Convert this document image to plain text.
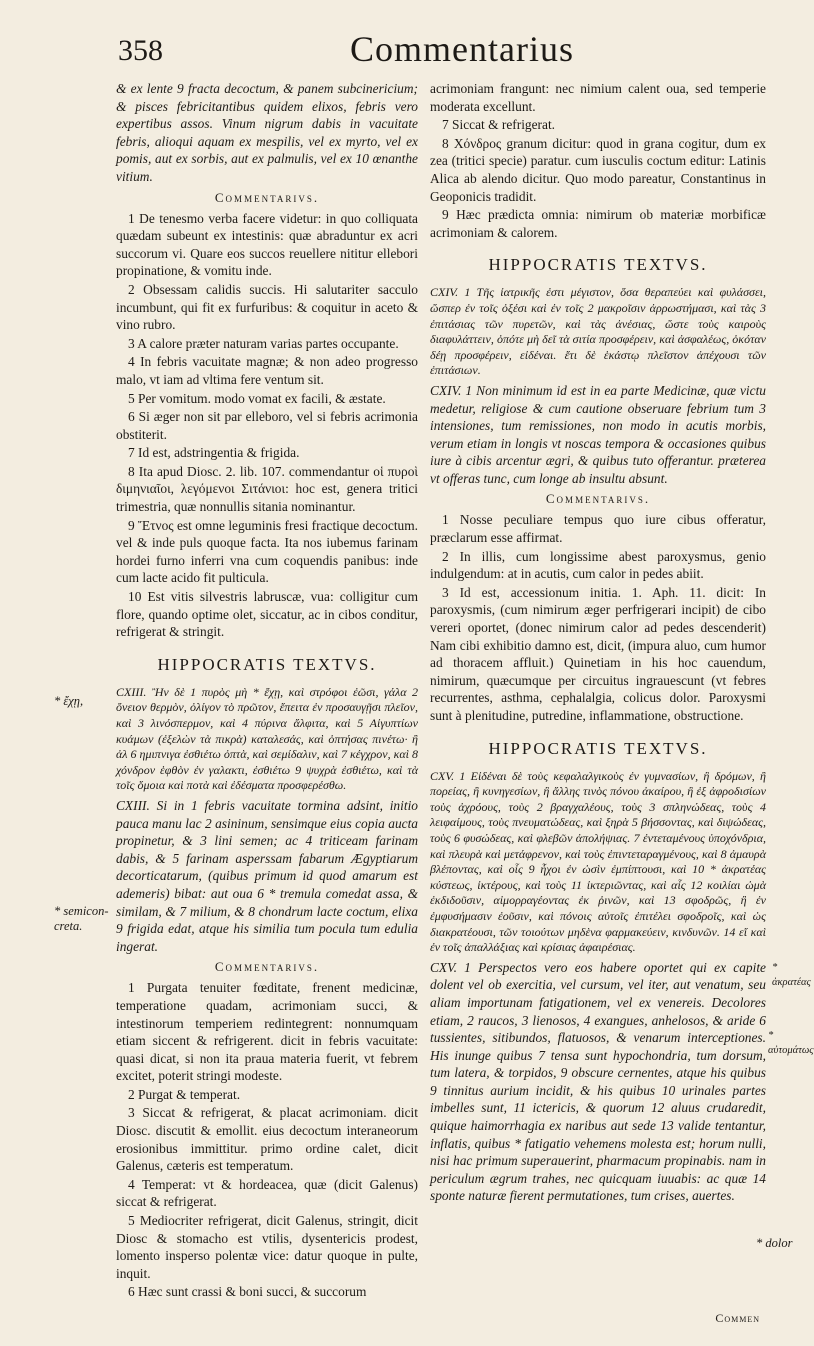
358	Commentarius

& ex lente 9 fracta decoctum, & panem subcinericium; & pisces febricitantibus quidem elixos, febris vero expertibus assos. Vinum nigrum dabis in vacuitate febris, alioqui aquam ex mespilis, vel ex myrto, vel ex pomis, aut ex sorbis, aut ex palmulis, vel ex 10 œnanthe vitium.

Commentarivs.

1 De tenesmo verba facere videtur: in quo colliquata quædam subeunt ex intestinis: quæ abraduntur ex acri succorum vi. Quare eos succos reuellere nititur ellebori propinatione, & vomitu inde.

2 Obsessam calidis succis. Hi salutariter sacculo incumbunt, qui fit ex furfuribus: & coquitur in aceto & vino rubro.

3 A calore præter naturam varias partes occupante.

4 In febris vacuitate magnæ; & non adeo progresso malo, vt iam ad vltima fere ventum sit.

5 Per vomitum. modo vomat ex facili, & æstate.

6 Si æger non sit par elleboro, vel si febris acrimonia obstiterit.

7 Id est, adstringentia & frigida.

8 Ita apud Diosc. 2. lib. 107. commendantur οἱ πυροὶ διμηνιαῖοι, λεγόμενοι Σιτάνιοι: hoc est, genera tritici trimestria, quæ nonnullis sitania nominantur.

9 Ἔτνος est omne leguminis fresi fractique decoctum. vel & inde puls quoque facta. Ita nos iubemus farinam hordei furno inferri vna cum coquendis panibus: inde cum lacte acido fit pulticula.

10 Est vitis silvestris labruscæ, vua: colligitur cum flore, quando optime olet, siccatur, ac in cibos conditur, refrigerat & stringit.

HIPPOCRATIS TEXTVS.

CXIII. Ἢν δὲ 1 πυρὸς μὴ * ἔχῃ, καὶ στρόφοι ἐῶσι, γάλα 2 ὄνειον θερμὸν, ὀλίγον τὸ πρῶτον, ἔπειτα ἐν προσαυγῇσι πλεῖον, καὶ 3 λινόσπερμον, καὶ 4 πύρινα ἄλφιτα, καὶ 5 Αἰγυπτίων κυάμων (ἐξελὼν τὰ πικρὰ) καταλεσάς, καὶ ὁπτήσας πινέτω· ἢ ἀλ 6 ημιπνιγα ἐσθιέτω ὀπτὰ, καὶ σεμίδαλιν, καὶ 7 κέγχρον, καὶ 8 χόνδρον ἑφθὸν ἐν γαλακτι, ἐσθιέτω 9 ψυχρὰ ἐσθιέτω, καὶ τὰ τοῖς ὅμοια καὶ ποτὰ καὶ ἐδέσματα προσφερέσθω.

CXIII. Si in 1 febris vacuitate tormina adsint, initio pauca manu lac 2 asininum, sensimque eius copia aucta propinetur, & 3 lini semen; ac 4 triticeam farinam dabis, & 5 farinam asperssam fabarum Ægyptiarum decorticatarum, (quibus primum id quod amarum est ademeris) bibat: aut oua 6 * tremula comedat assa, & similam, & 7 milium, & 8 chondrum lacte coctum, elixa 9 frigida edat, atque his similia tum pocula tum edulia ingerat.

Commentarivs.

1 Purgata tenuiter fœditate, frenent medicinæ, temperatione quadam, acrimoniam succi, & intestinorum temperiem redintegrent: nonnumquam etiam siccent & refrigerent. dicit in febris vacuitate: quasi dicat, si non ita praua materia fuerit, vt febrem excitet, poterit stringi modeste.

2 Purgat & temperat.

3 Siccat & refrigerat, & placat acrimoniam. dicit Diosc. discutit & emollit. eius decoctum interaneorum erosionibus immittitur. primo ordine calet, dicit Galenus, cæteris est temperatum.

4 Temperat: vt & hordeacea, quæ (dicit Galenus) siccat & refrigerat.

5 Mediocriter refrigerat, dicit Galenus, stringit, dicit Diosc & stomacho est vtilis, dysentericis prodest, lomento insperso polentæ vice: datur quoque in pulte, inquit.

6 Hæc sunt crassi & boni succi, & succorum

* ἔχῃ,
* semicon-
creta.

acrimoniam frangunt: nec nimium calent oua, sed temperie moderata excellunt.

7 Siccat & refrigerat.

8 Χόνδρος granum dicitur: quod in grana cogitur, dum ex zea (tritici specie) paratur. cum iusculis coctum editur: Latinis Alica ab alendo dicitur. Quo modo pareatur, Constantinus in Geoponicis tradidit.

9 Hæc prædicta omnia: nimirum ob materiæ morbificæ acrimoniam & calorem.

HIPPOCRATIS TEXTVS.

CXIV. 1 Τῆς ἰατρικῆς ἐστι μέγιστον, ὅσα θεραπεύει καὶ φυλάσσει, ὥσπερ ἐν τοῖς ὀξέσι καὶ ἐν τοῖς 2 μακροῖσιν ἀρρωστήμασι, καὶ τὰς 3 ἐπιτάσιας τῶν πυρετῶν, καὶ τὰς ἀνέσιας, ὥστε τοὺς καιροὺς διαφυλάττειν, ὁπότε μὴ δεῖ τὰ σιτία προσφέρειν, καὶ ἀσφαλέως, ὁκόταν δέῃ προσφέρειν, εἰδέναι. ἔτι δὲ ἑκάστῳ πλεῖστον ἀπέχουσι τῶν ἐπιτάσιων.

CXIV. 1 Non minimum id est in ea parte Medicinæ, quæ victu medetur, religiose & cum cautione obseruare febrium tum 3 intensiones, tum remissiones, non modo in acutis morbis, verum etiam in longis vt noscas tempora & occasiones quibus iure à cibis arcentur ægri, & quibus tuto offerantur. præterea vt offeras tunc, cum longe ab insultu absunt.

Commentarivs.

1 Nosse peculiare tempus quo iure cibus offeratur, præclarum esse affirmat.

2 In illis, cum longissime abest paroxysmus, genio indulgendum: at in acutis, cum calor in pedes abiit.

3 Id est, accessionum initia. 1. Aph. 11. dicit: In paroxysmis, (cum nimirum æger perfrigerari incipit) de cibo vereri oportet, (donec nimirum calor ad pedes descenderit) Nam cibi exhibitio damno est, dicit, (impura aluo, cum humor ad thoracem affluit.) Quinetiam in his hoc cauendum, nimirum, quæcumque per circuitus ingrauescunt (vt febres recurrentes, asthma, cephalalgia, colicus dolor. Paroxysmi sunt à plenitudine, putredine, inflammatione, obstructione.

HIPPOCRATIS TEXTVS.

CXV. 1 Εἰδέναι δὲ τοὺς κεφαλαλγικοὺς ἐν γυμνασίων, ἢ δρόμων, ἢ πορείας, ἢ κυνηγεσίων, ἢ ἄλλης τινὸς πόνου ἀκαίρου, ἢ ἐξ ἀφροδισίων τοὺς ἀχρόους, τοὺς 2 βραγχαλέους, τοὺς 3 σπληνώδεας, τοὺς 4 λειφαίμους, τοὺς πνευματώδεας, καὶ ξηρὰ 5 βήσσοντας, καὶ διψώδεας, τοὺς 6 φυσώδεας, καὶ φλεβῶν ἀπολήψιας. 7 ἐντεταμένους ὑποχόνδρια, καὶ πλευρὰ καὶ μετάφρενον, καὶ τοὺς ἐπιντεταραγμένους, καὶ 8 ἀμαυρὰ βλέποντας, καὶ οἷς 9 ἦχοι ἐν ὠσὶν ἐμπίπτουσι, καὶ 10 * ἀκρατέας κύστεως, ἰκτέρους, καὶ τοὺς 11 ἰκτεριῶντας, καὶ αἷς 12 κοιλίαι ὠμὰ ἐκδιδοῦσιν, αἱμορραγέοντας ἐκ ῥινῶν, καὶ 13 σφοδρῶς, ἢ ἐν ἐμφυσήμασιν ἐοῦσιν, καὶ πόνοις αὐτοῖς ἐπιτέλει σφοδροῖς, καὶ ὡς διακρατέουσι, τῶν τοιούτων μηδὲνα φαρμακεύειν, κινδυνῶν. 14 εἴ καὶ ἐν τοῖς ἀπαλλάξιας καὶ κρίσιας ἀφαιρέσιας.

CXV. 1 Perspectos vero eos habere oportet qui ex capite dolent vel ob exercitia, vel cursum, vel iter, aut venatum, seu aliam importunam fatigationem, vel ex venereis. Decolores etiam, 2 raucos, 3 lienosos, 4 exangues, anhelosos, & aride 6 tussientes, sitibundos, flatuosos, & venarum interceptiones. His inunge quibus 7 tensa sunt hypochondria, tum dorsum, tum latera, & torpidos, 9 obscure cernentes, atque his quibus 9 tinnitus aurium incidit, & his quibus 10 urinales partes imbelles sunt, 11 ictericis, & quorum 12 aluus crudaredit, quique haimorrhagia ex naribus aut sede 13 valide tentantur, inflatis, quibus * fatigatio vehemens molesta est; horum nulli, nisi hac primum superauerint, pharmacum propinabis. nam in periculum ægrum trahes, nec quicquam iuuabis: ac quæ 14 sponte naturæ fierent permutationes, tum crises, auertes.

* ἀκρατέας
* αὐτομάτως
* dolor
Commen
